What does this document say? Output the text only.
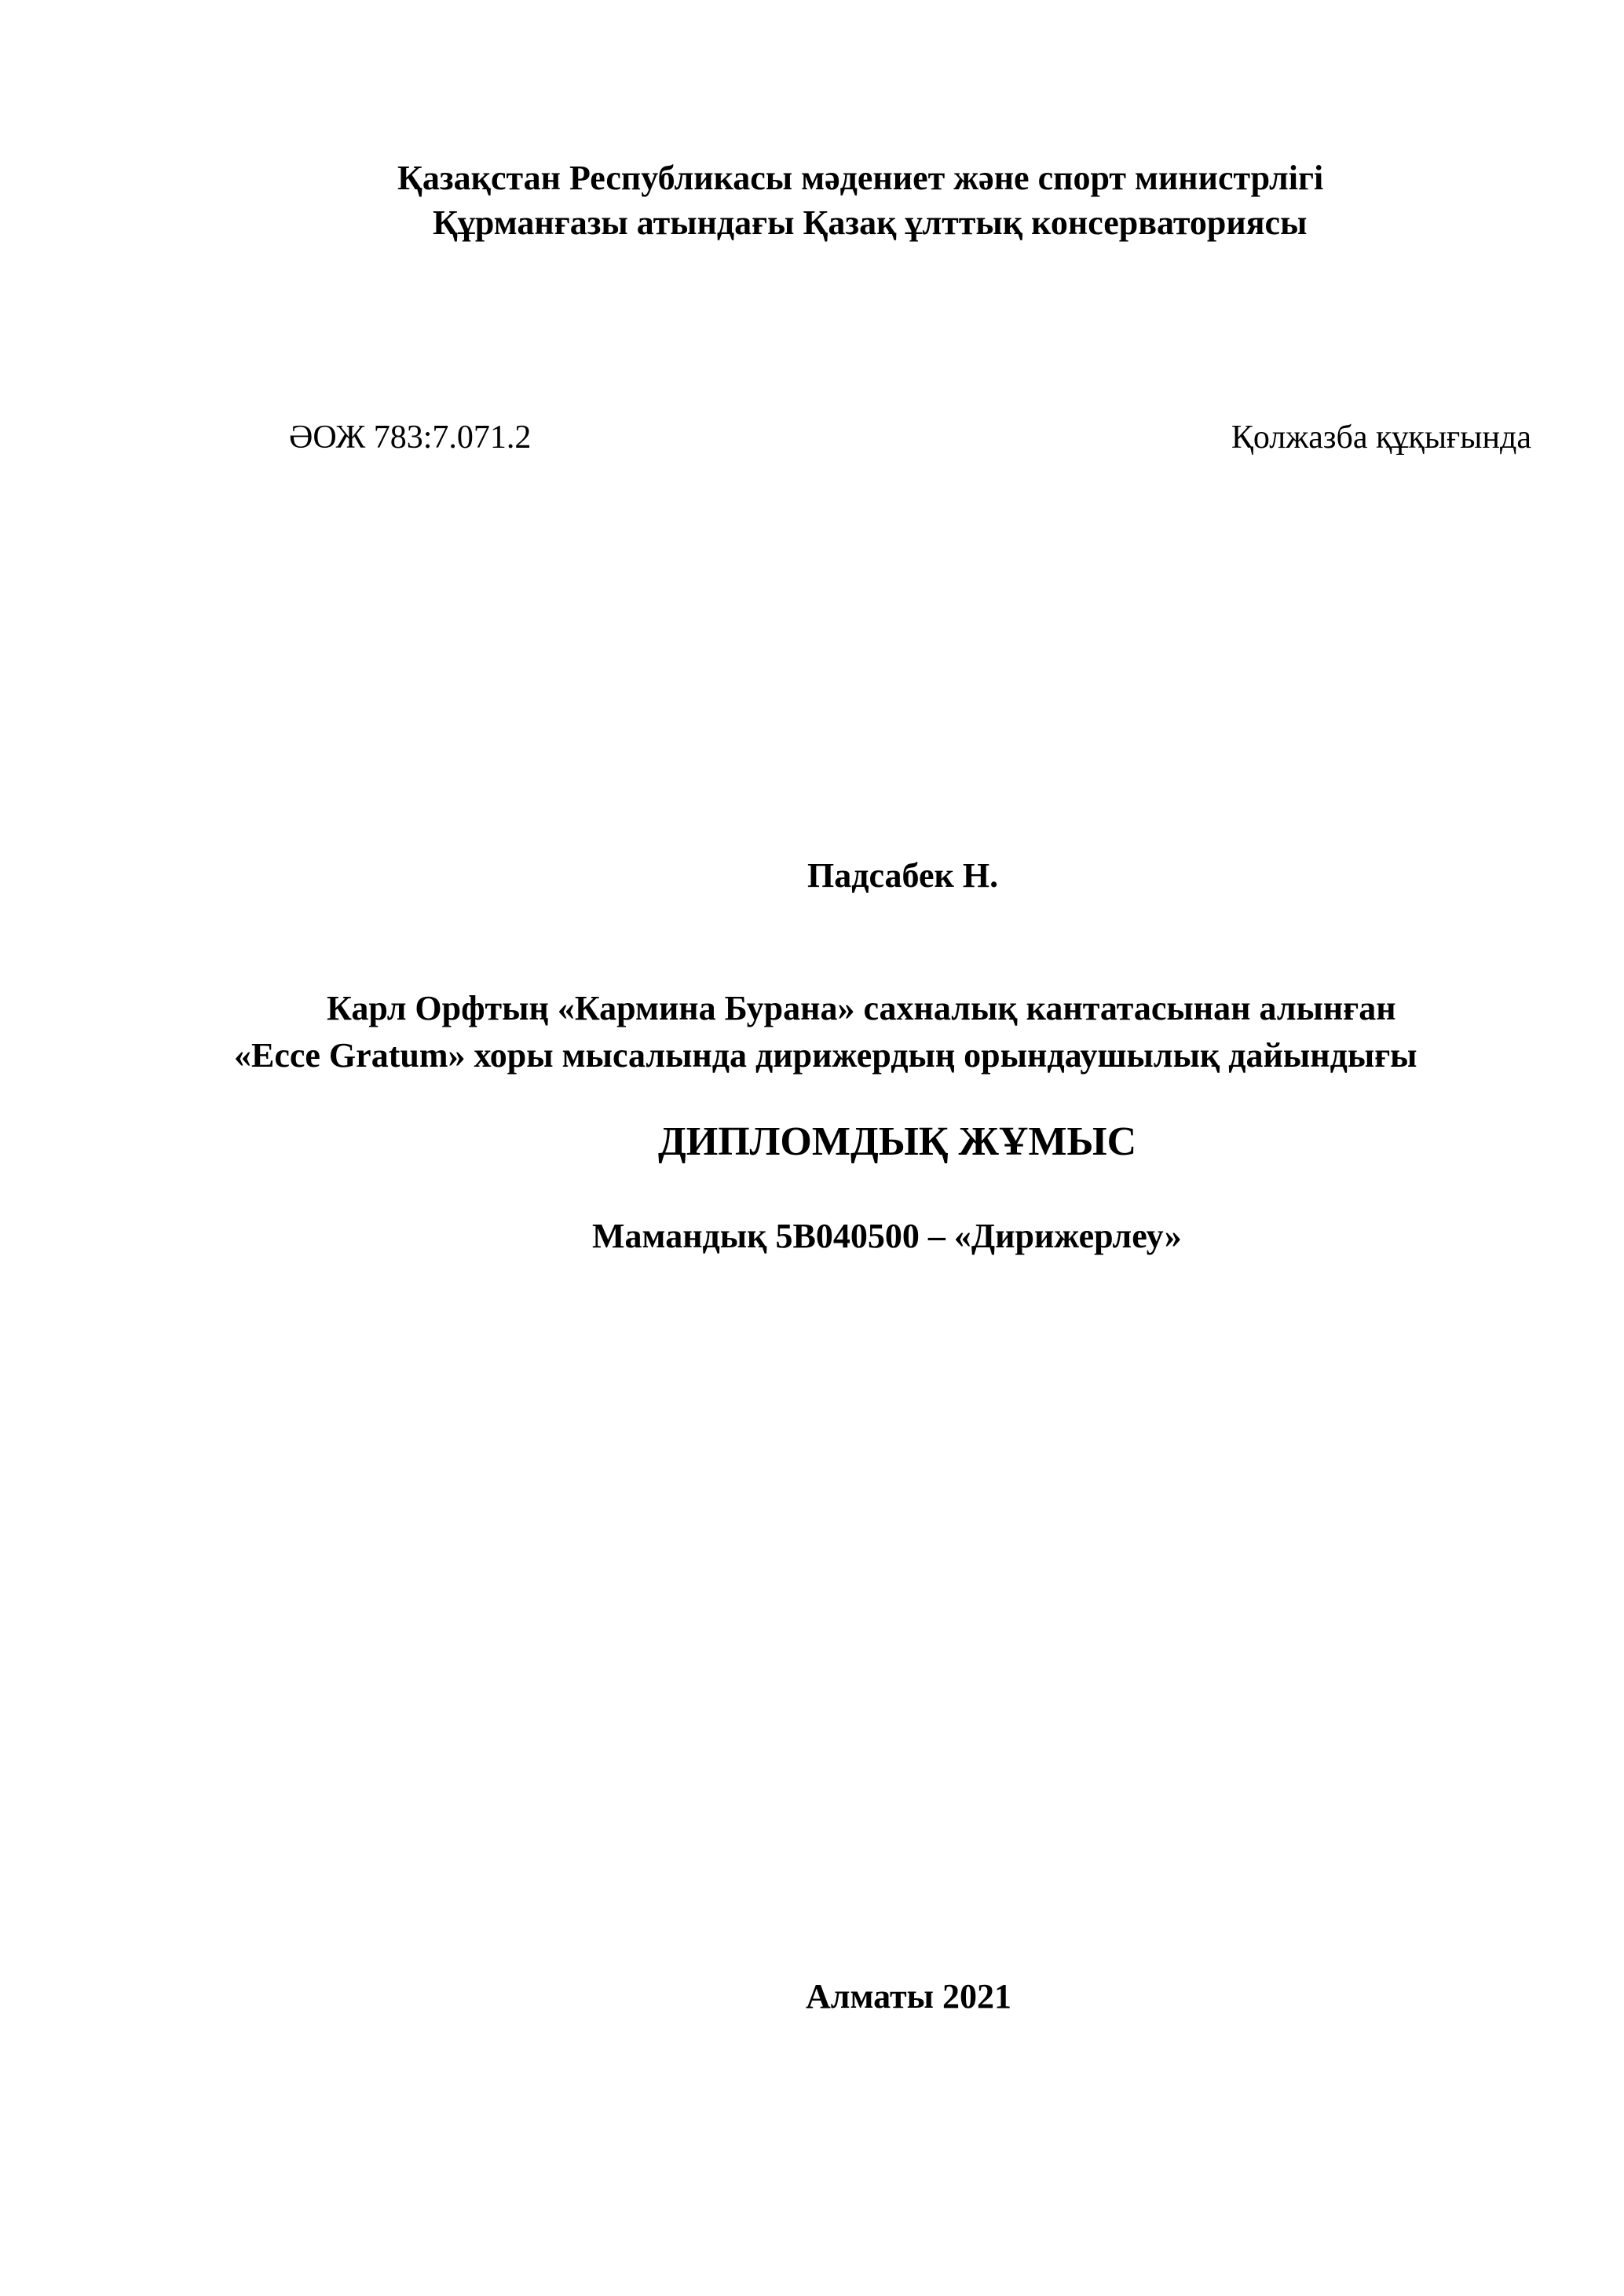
Қазақстан Республикасы мәдениет және спорт министрлігі
Құрманғазы атындағы Қазақ ұлттық консерваториясы
ӘОЖ 783:7.071.2	Қолжазба құқығында
Падсабек Н.
Карл Орфтың «Кармина Бурана» сахналық кантатасынан алынған
«Ecce Gratum» хоры мысалында дирижердың орындаушылық дайындығы
ДИПЛОМДЫҚ ЖҰМЫС
Мамандық 5В040500 – «Дирижерлеу»
Алматы 2021
